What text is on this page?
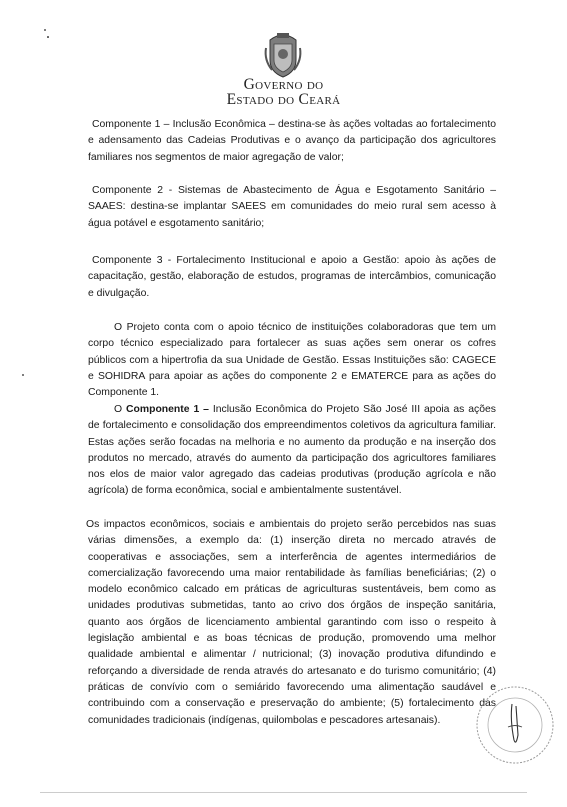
Governo do
Estado do Ceará

Componente 1 – Inclusão Econômica – destina-se às ações voltadas ao fortalecimento e adensamento das Cadeias Produtivas e o avanço da participação dos agricultores familiares nos segmentos de maior agregação de valor;

Componente 2 - Sistemas de Abastecimento de Água e Esgotamento Sanitário – SAAES: destina-se implantar SAEES em comunidades do meio rural sem acesso à água potável e esgotamento sanitário;

Componente 3 - Fortalecimento Institucional e apoio a Gestão: apoio às ações de capacitação, gestão, elaboração de estudos, programas de intercâmbios, comunicação e divulgação.

O Projeto conta com o apoio técnico de instituições colaboradoras que tem um corpo técnico especializado para fortalecer as suas ações sem onerar os cofres públicos com a hipertrofia da sua Unidade de Gestão. Essas Instituições são: CAGECE e SOHIDRA para apoiar as ações do componente 2 e EMATERCE para as ações do Componente 1.

O Componente 1 – Inclusão Econômica do Projeto São José III apoia as ações de fortalecimento e consolidação dos empreendimentos coletivos da agricultura familiar. Estas ações serão focadas na melhoria e no aumento da produção e na inserção dos produtos no mercado, através do aumento da participação dos agricultores familiares nos elos de maior valor agregado das cadeias produtivas (produção agrícola e não agrícola) de forma econômica, social e ambientalmente sustentável.

Os impactos econômicos, sociais e ambientais do projeto serão percebidos nas suas várias dimensões, a exemplo da: (1) inserção direta no mercado através de cooperativas e associações, sem a interferência de agentes intermediários de comercialização favorecendo uma maior rentabilidade às famílias beneficiárias; (2) o modelo econômico calcado em práticas de agriculturas sustentáveis, bem como as unidades produtivas submetidas, tanto ao crivo dos órgãos de inspeção sanitária, quanto aos órgãos de licenciamento ambiental garantindo com isso o respeito à legislação ambiental e as boas técnicas de produção, promovendo uma melhor qualidade ambiental e alimentar / nutricional; (3) inovação produtiva difundindo e reforçando a diversidade de renda através do artesanato e do turismo comunitário; (4) práticas de convívio com o semiárido favorecendo uma alimentação saudável e contribuindo com a conservação e preservação do ambiente; (5) fortalecimento das comunidades tradicionais (indígenas, quilombolas e pescadores artesanais).
